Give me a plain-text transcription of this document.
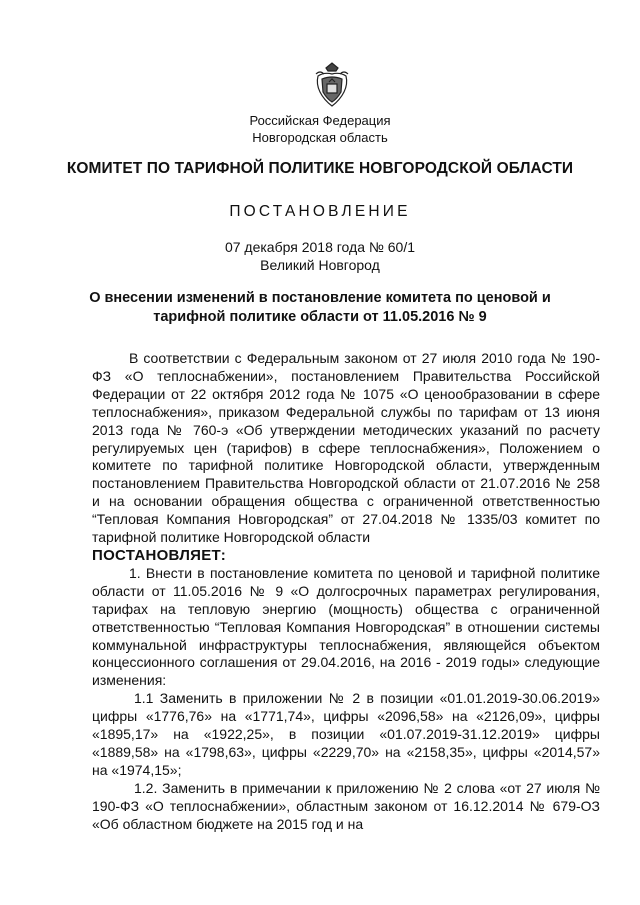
Российская Федерация
Новгородская область
КОМИТЕТ ПО ТАРИФНОЙ ПОЛИТИКЕ НОВГОРОДСКОЙ ОБЛАСТИ
ПОСТАНОВЛЕНИЕ
07 декабря 2018 года № 60/1
Великий Новгород
О внесении изменений в постановление комитета по ценовой и
тарифной политике области от 11.05.2016 № 9

В соответствии с Федеральным законом от 27 июля 2010 года № 190-ФЗ «О теплоснабжении», постановлением Правительства Российской Федерации от 22 октября 2012 года № 1075 «О ценообразовании в сфере теплоснабжения», приказом Федеральной службы по тарифам от 13 июня 2013 года № 760-э «Об утверждении методических указаний по расчету регулируемых цен (тарифов) в сфере теплоснабжения», Положением о комитете по тарифной политике Новгородской области, утвержденным постановлением Правительства Новгородской области от 21.07.2016 № 258 и на основании обращения общества с ограниченной ответственностью “Тепловая Компания Новгородская” от 27.04.2018 № 1335/03 комитет по тарифной политике Новгородской области

ПОСТАНОВЛЯЕТ:

1. Внести в постановление комитета по ценовой и тарифной политике области от 11.05.2016 № 9 «О долгосрочных параметрах регулирования, тарифах на тепловую энергию (мощность) общества с ограниченной ответственностью “Тепловая Компания Новгородская” в отношении системы коммунальной инфраструктуры теплоснабжения, являющейся объектом концессионного соглашения от 29.04.2016, на 2016 - 2019 годы» следующие изменения:

1.1 Заменить в приложении № 2 в позиции «01.01.2019-30.06.2019» цифры «1776,76» на «1771,74», цифры «2096,58» на «2126,09», цифры «1895,17» на «1922,25», в позиции «01.07.2019-31.12.2019» цифры «1889,58» на «1798,63», цифры «2229,70» на «2158,35», цифры «2014,57» на «1974,15»;

1.2. Заменить в примечании к приложению № 2 слова «от 27 июля № 190-ФЗ «О теплоснабжении», областным законом от 16.12.2014 № 679-ОЗ «Об областном бюджете на 2015 год и на
